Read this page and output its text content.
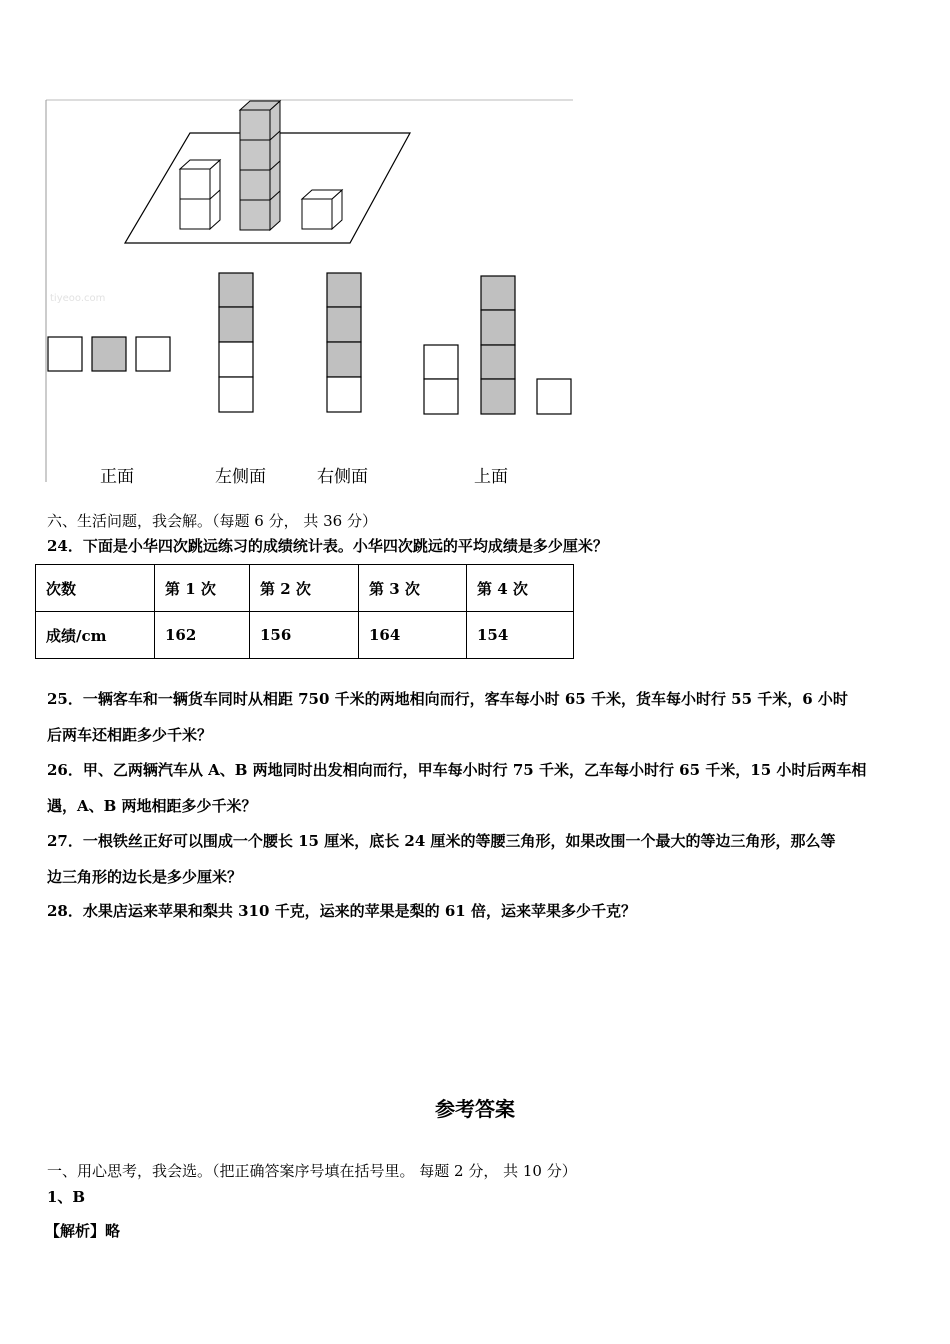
tiyeoo.com
正面	左侧面	右侧面	上面
六、生活问题，我会解。（每题 6 分， 共 36 分）
24．下面是小华四次跳远练习的成绩统计表。小华四次跳远的平均成绩是多少厘米？
次数	第 1 次	第 2 次	第 3 次	第 4 次
成绩/cm	162	156	164	154
25．一辆客车和一辆货车同时从相距 750 千米的两地相向而行，客车每小时 65 千米，货车每小时行 55 千米，6 小时
后两车还相距多少千米？
26．甲、乙两辆汽车从 A、B 两地同时出发相向而行，甲车每小时行 75 千米，乙车每小时行 65 千米，15 小时后两车相
遇，A、B 两地相距多少千米？
27．一根铁丝正好可以围成一个腰长 15 厘米，底长 24 厘米的等腰三角形，如果改围一个最大的等边三角形，那么等
边三角形的边长是多少厘米？
28．水果店运来苹果和梨共 310 千克，运来的苹果是梨的 61 倍，运来苹果多少千克？
参考答案
一、用心思考，我会选。（把正确答案序号填在括号里。 每题 2 分， 共 10 分）
1、B
【解析】略
